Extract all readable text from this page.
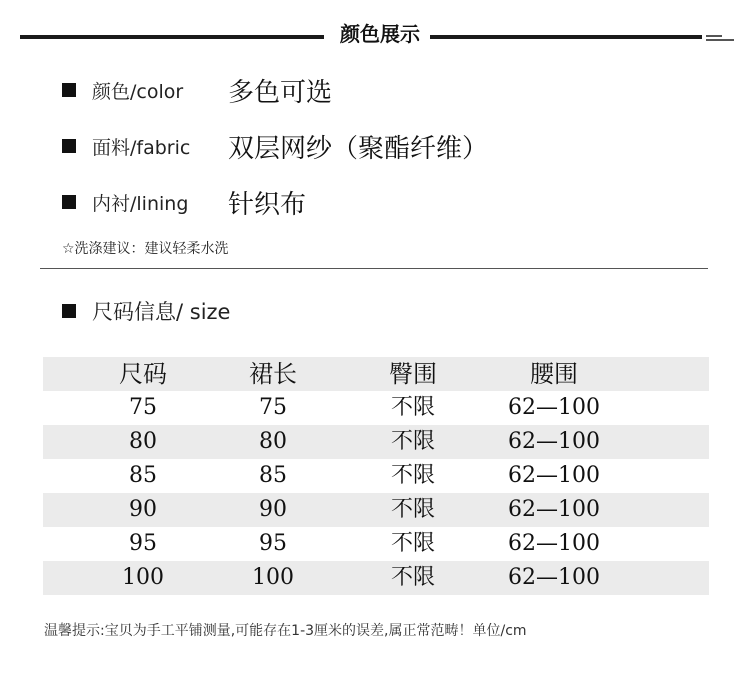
颜色展示
颜色/color	多色可选
面料/fabric	双层网纱（聚酯纤维）
内衬/lining	针织布
☆洗涤建议：建议轻柔水洗
尺码信息/ size
尺码	裙长	臀围	腰围
75	75	不限	62—100
80	80	不限	62—100
85	85	不限	62—100
90	90	不限	62—100
95	95	不限	62—100
100	100	不限	62—100
温馨提示:宝贝为手工平铺测量,可能存在1-3厘米的误差,属正常范畴！单位/cm
